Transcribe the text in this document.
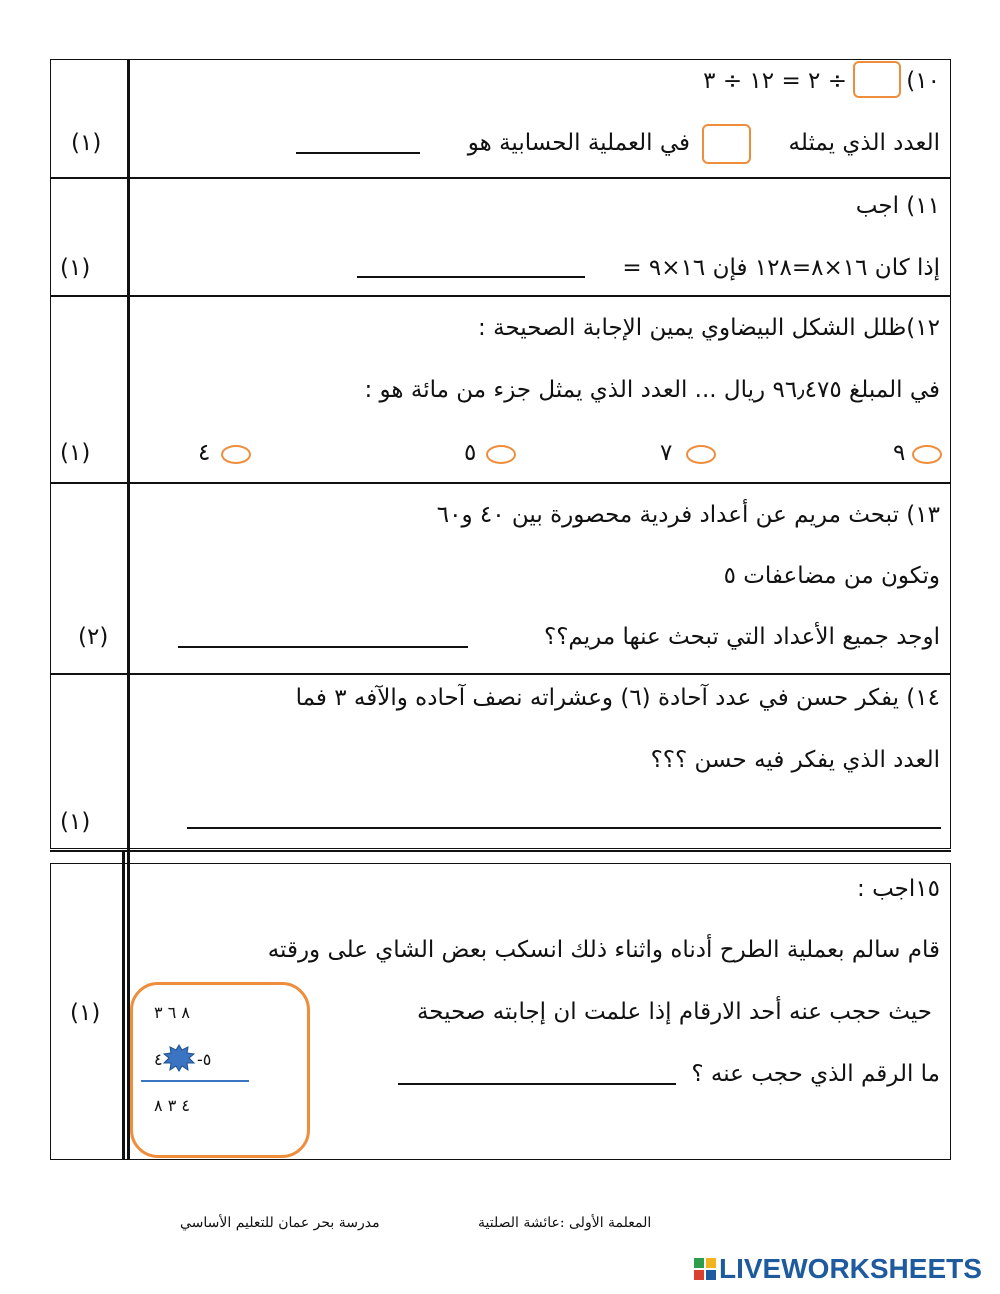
١٠)
÷ ٢ = ١٢ ÷ ٣
العدد الذي يمثله
في العملية الحسابية هو
(١)
١١) اجب
إذا كان ١٦×٨=١٢٨ فإن ١٦×٩ =
(١)
١٢)ظلل الشكل البيضاوي يمين الإجابة الصحيحة :
في المبلغ ٩٦٫٤٧٥ ريال ... العدد الذي يمثل جزء من مائة هو :
٩
٧
٥
٤
(١)
١٣) تبحث مريم عن أعداد فردية محصورة بين ٤٠ و٦٠
وتكون من مضاعفات ٥
اوجد جميع الأعداد التي تبحث عنها مريم؟؟
(٢)
١٤) يفكر حسن في عدد آحادة (٦) وعشراته نصف آحاده والآفه ٣ فما
العدد الذي يفكر فيه حسن ؟؟؟
(١)
١٥اجب :
قام سالم بعملية الطرح أدناه واثناء ذلك انسكب بعض الشاي على ورقته
حيث حجب عنه أحد الارقام إذا علمت ان إجابته صحيحة
ما الرقم الذي حجب عنه ؟
(١)	٨ ٦ ٣
٤ ٥-
٤ ٣ ٨
المعلمة الأولى :عائشة الصلتية
مدرسة بحر عمان للتعليم الأساسي
LIVEWORKSHEETS
